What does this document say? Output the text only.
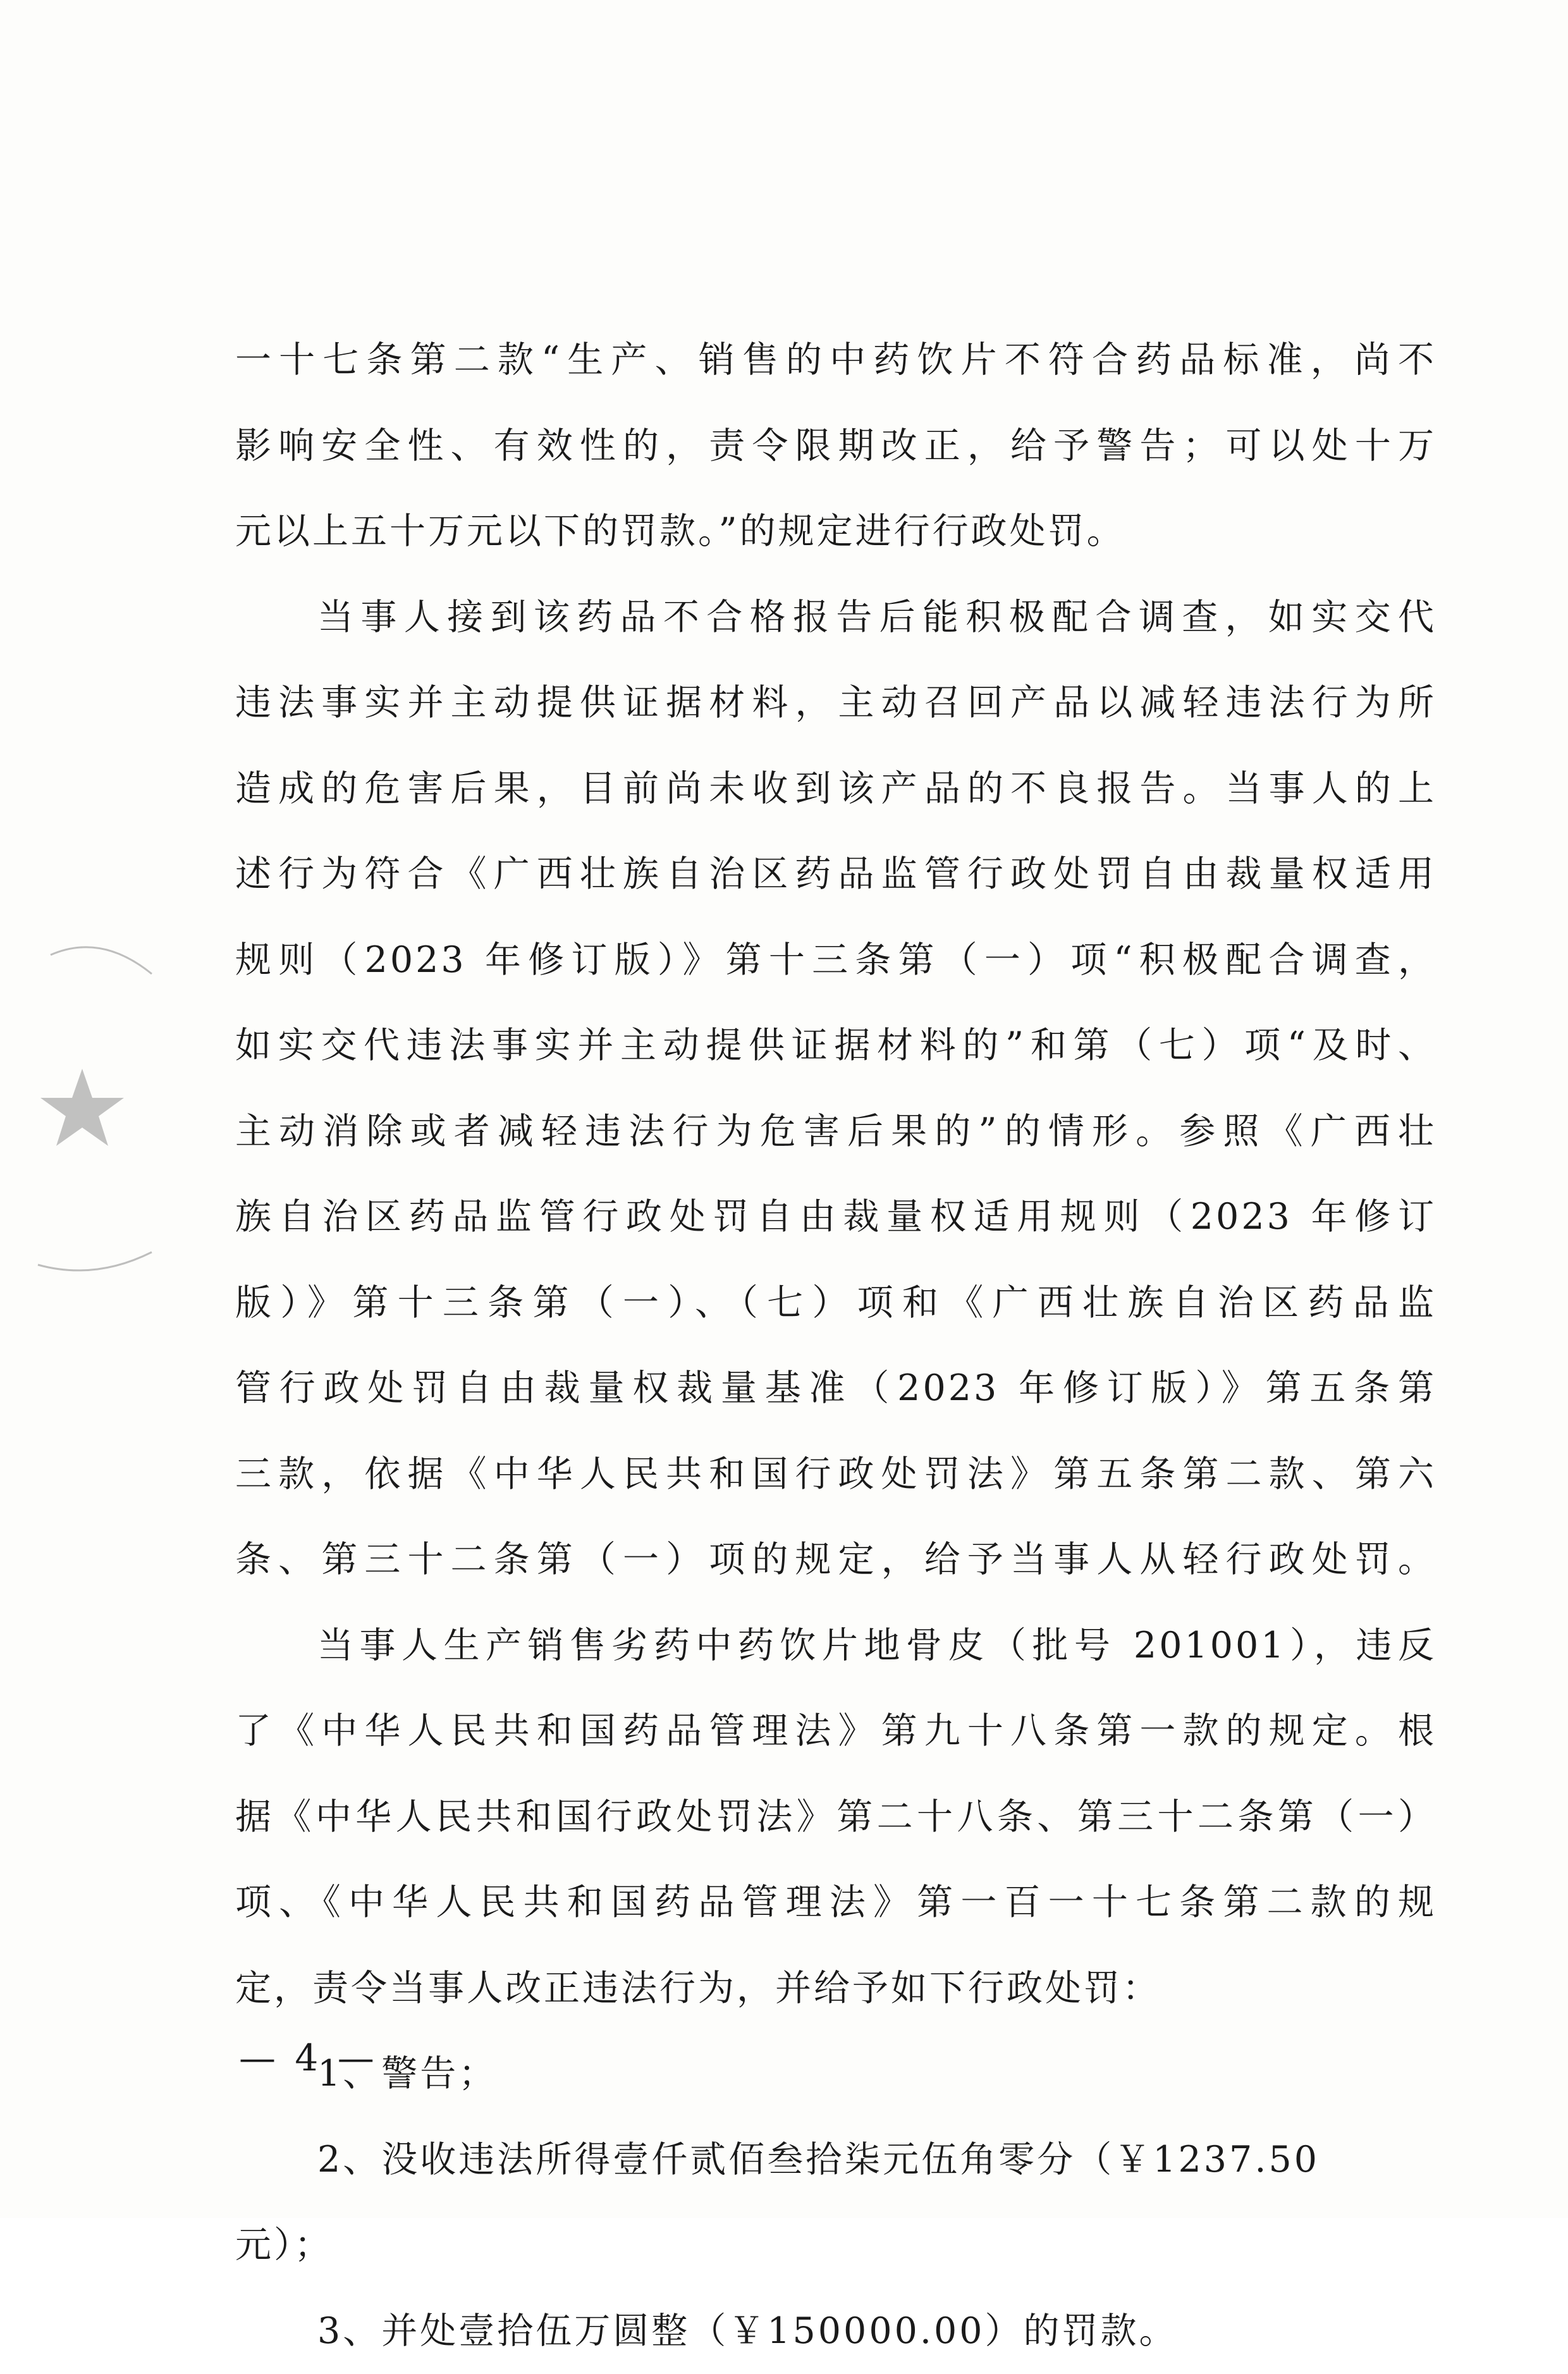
一十七条第二款“生产、销售的中药饮片不符合药品标准，尚不
影响安全性、有效性的，责令限期改正，给予警告；可以处十万
元以上五十万元以下的罚款。”的规定进行行政处罚。
当事人接到该药品不合格报告后能积极配合调查，如实交代
违法事实并主动提供证据材料，主动召回产品以减轻违法行为所
造成的危害后果，目前尚未收到该产品的不良报告。当事人的上
述行为符合《广西壮族自治区药品监管行政处罚自由裁量权适用
规则（2023 年修订版）》第十三条第（一）项“积极配合调查，
如实交代违法事实并主动提供证据材料的”和第（七）项“及时、
主动消除或者减轻违法行为危害后果的”的情形。参照《广西壮
族自治区药品监管行政处罚自由裁量权适用规则（2023 年修订
版）》第十三条第（一）、（七）项和《广西壮族自治区药品监
管行政处罚自由裁量权裁量基准（2023 年修订版）》第五条第
三款，依据《中华人民共和国行政处罚法》第五条第二款、第六
条、第三十二条第（一）项的规定，给予当事人从轻行政处罚。
当事人生产销售劣药中药饮片地骨皮（批号 201001），违反
了《中华人民共和国药品管理法》第九十八条第一款的规定。根
据《中华人民共和国行政处罚法》第二十八条、第三十二条第（一）
项、《中华人民共和国药品管理法》第一百一十七条第二款的规
定，责令当事人改正违法行为，并给予如下行政处罚：
1、警告；
2、没收违法所得壹仟贰佰叁拾柒元伍角零分（￥1237.50
元）；
3、并处壹拾伍万圆整（￥150000.00）的罚款。
— 4 —
